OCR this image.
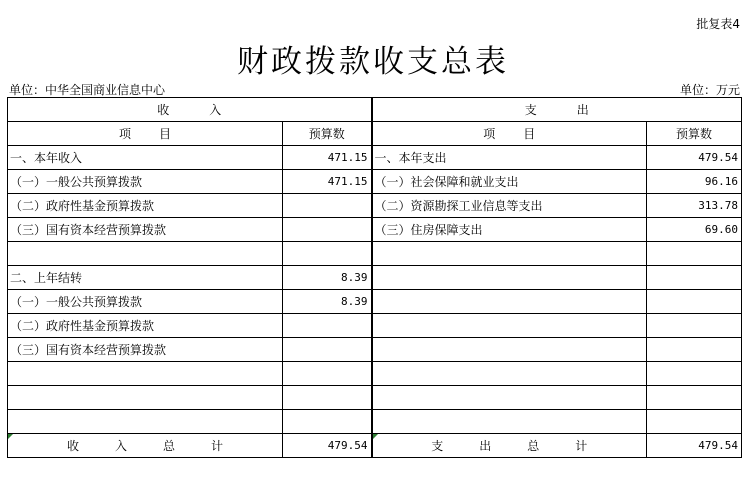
批复表4
财政拨款收支总表
单位：中华全国商业信息中心	单位：万元
收入		支出	
项目	预算数	项目	预算数
一、本年收入	471.15	一、本年支出	479.54
（一）一般公共预算拨款	471.15	（一）社会保障和就业支出	96.16
（二）政府性基金预算拨款		（二）资源勘探工业信息等支出	313.78
（三）国有资本经营预算拨款		（三）住房保障支出	69.60

二、上年结转	8.39		
（一）一般公共预算拨款	8.39		
（二）政府性基金预算拨款			
（三）国有资本经营预算拨款			

收入总计	479.54	支出总计	479.54
